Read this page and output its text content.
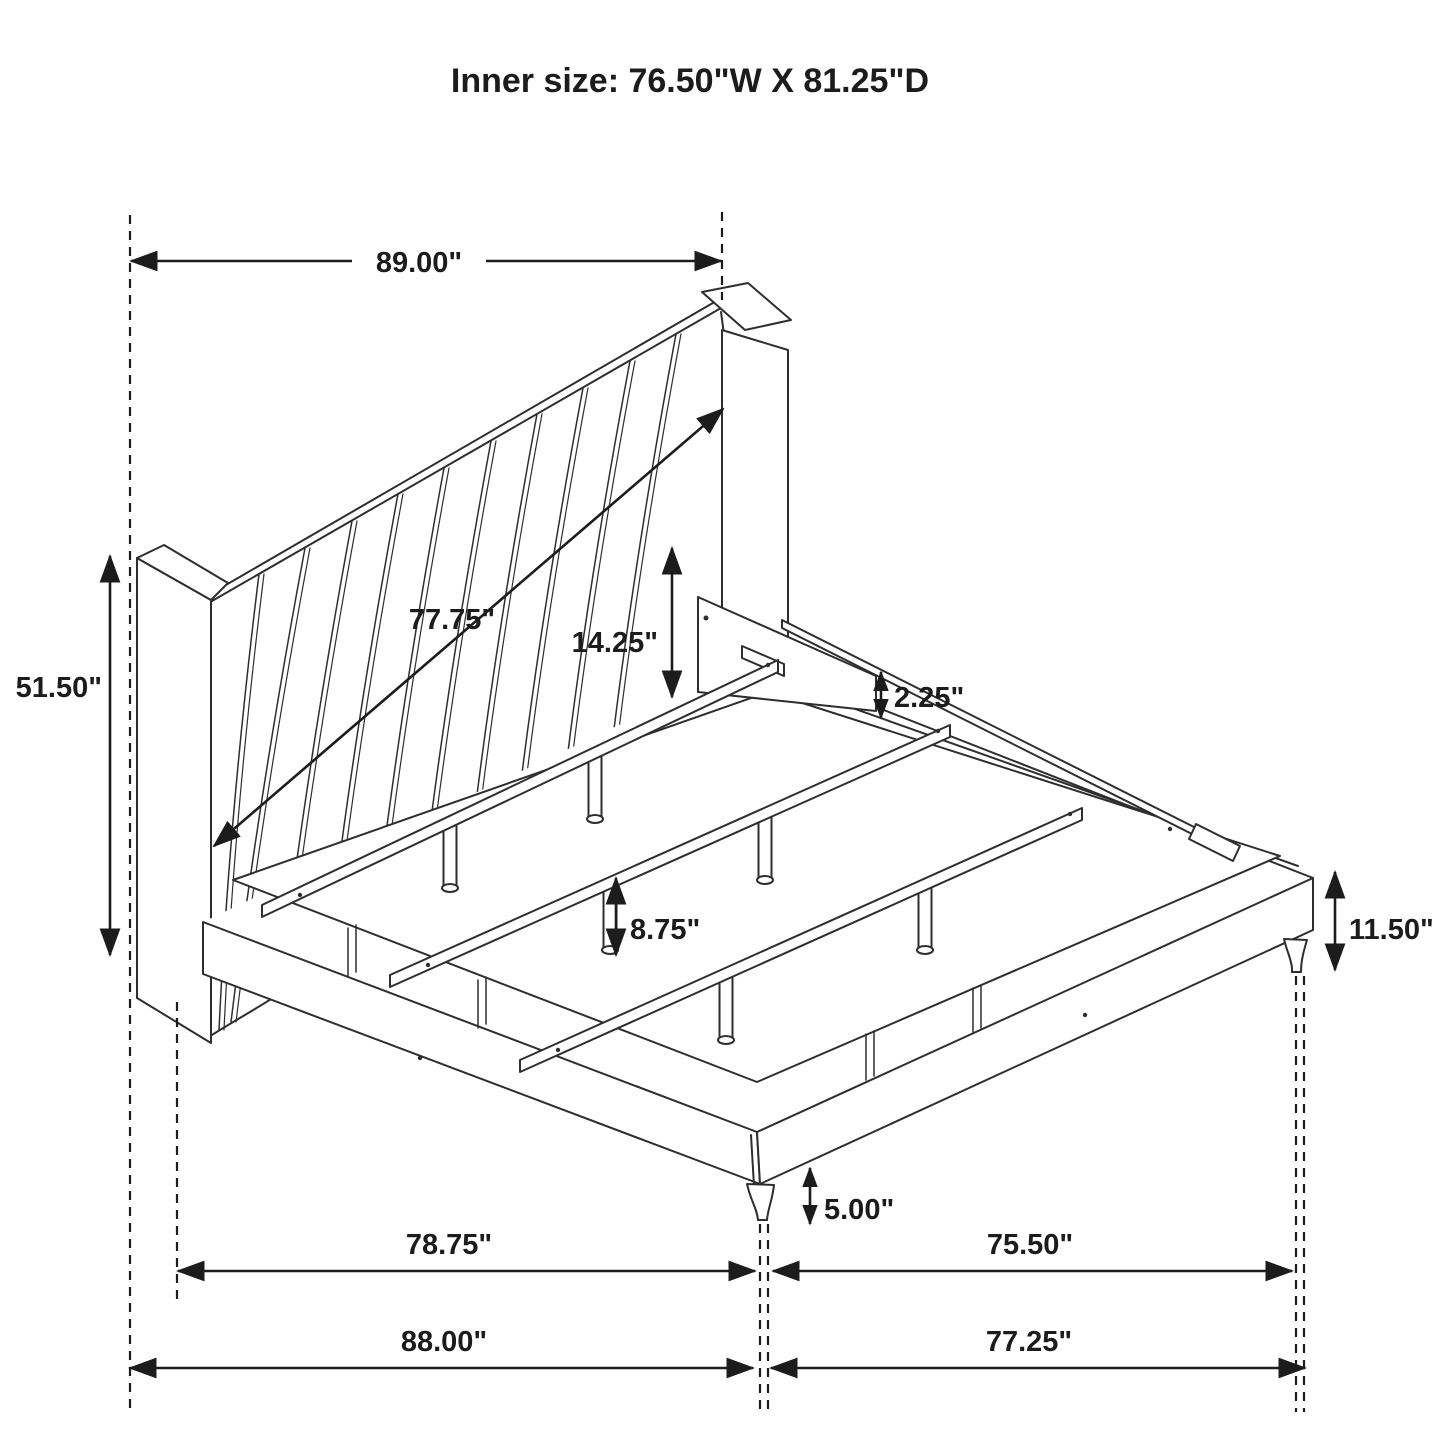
89.00"
77.75"
51.50"
14.25"
2.25"
8.75"	11.50"
5.00"
78.75"	75.50"
88.00"	77.25"
Inner size: 76.50"W X 81.25"D
